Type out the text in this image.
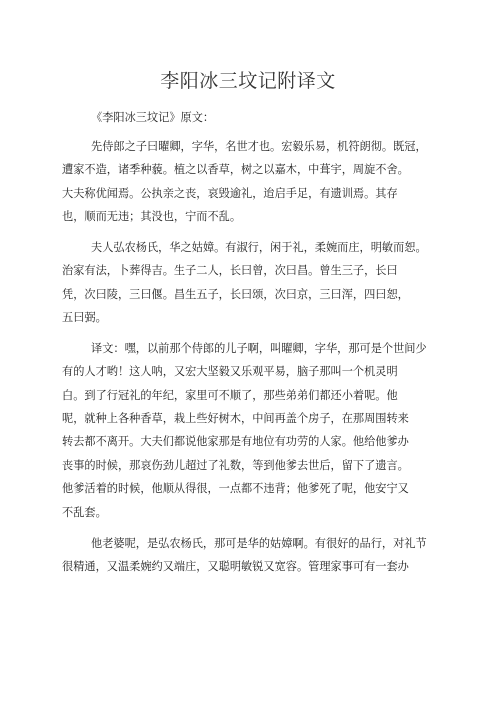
李阳冰三坟记附译文
《李阳冰三坟记》原文：
先侍郎之子曰曜卿，字华，名世才也。宏毅乐易，机符朗彻。既冠，
遭家不造，诸季种藐。植之以香草，树之以嘉木，中葺宇，周旋不舍。
大夫称优闻焉。公执亲之丧，哀毁逾礼，迨启手足，有遗训焉。其存
也，顺而无违；其没也，宁而不乱。
夫人弘农杨氏，华之姑嫜。有淑行，闲于礼，柔婉而庄，明敏而恕。
治家有法，卜葬得吉。生子二人，长曰曾，次曰昌。曾生三子，长曰
凭，次曰陵，三曰偃。昌生五子，长曰颂，次曰京，三曰浑，四曰恕，
五曰弼。
译文：嘿，以前那个侍郎的儿子啊，叫曜卿，字华，那可是个世间少
有的人才哟！这人呐，又宏大坚毅又乐观平易，脑子那叫一个机灵明
白。到了行冠礼的年纪，家里可不顺了，那些弟弟们都还小着呢。他
呢，就种上各种香草，栽上些好树木，中间再盖个房子，在那周围转来
转去都不离开。大夫们都说他家那是有地位有功劳的人家。他给他爹办
丧事的时候，那哀伤劲儿超过了礼数，等到他爹去世后，留下了遗言。
他爹活着的时候，他顺从得很，一点都不违背；他爹死了呢，他安宁又
不乱套。
他老婆呢，是弘农杨氏，那可是华的姑嫜啊。有很好的品行，对礼节
很精通，又温柔婉约又端庄，又聪明敏锐又宽容。管理家事可有一套办
